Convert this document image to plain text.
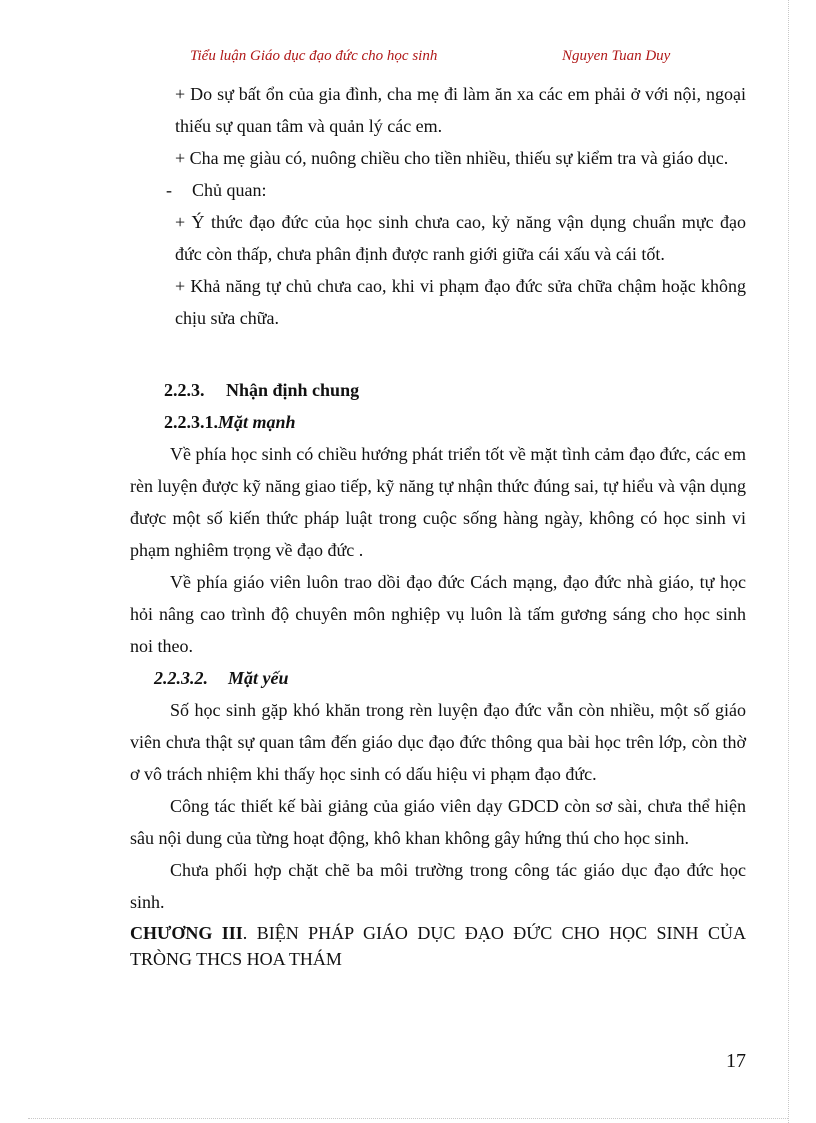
Tiểu luận Giáo dục đạo đức cho học sinh	Nguyen Tuan Duy

+ Do sự bất ổn của gia đình, cha mẹ đi làm ăn xa các em phải ở với nội, ngoại thiếu sự quan tâm và quản lý các em.

+ Cha mẹ giàu có, nuông chiều cho tiền nhiều, thiếu sự kiểm tra và giáo dục.

- Chủ quan:

+ Ý thức đạo đức của học sinh chưa cao, kỷ năng vận dụng chuẩn mực đạo đức còn thấp, chưa phân định được ranh giới giữa cái xấu và cái tốt.

+ Khả năng tự chủ chưa cao, khi vi phạm đạo đức sửa chữa chậm hoặc không chịu sửa chữa.

2.2.3. Nhận định chung

2.2.3.1.Mặt mạnh

Về phía học sinh có chiều hướng phát triển tốt về mặt tình cảm đạo đức, các em rèn luyện được kỹ năng giao tiếp, kỹ năng tự nhận thức đúng sai, tự hiểu và vận dụng được một số kiến thức pháp luật trong cuộc sống hàng ngày, không có học sinh vi phạm nghiêm trọng về đạo đức .

Về phía giáo viên luôn trao dồi đạo đức Cách mạng, đạo đức nhà giáo, tự học hỏi nâng cao trình độ chuyên môn nghiệp vụ luôn là tấm gương sáng cho học sinh noi theo.

2.2.3.2. Mặt yếu

Số học sinh gặp khó khăn trong rèn luyện đạo đức vẫn còn nhiều, một số giáo viên chưa thật sự quan tâm đến giáo dục đạo đức thông qua bài học trên lớp, còn thờ ơ vô trách nhiệm khi thấy học sinh có dấu hiệu vi phạm đạo đức.

Công tác thiết kế bài giảng của giáo viên dạy GDCD còn sơ sài, chưa thể hiện sâu nội dung của từng hoạt động, khô khan không gây hứng thú cho học sinh.

Chưa phối hợp chặt chẽ ba môi trường trong công tác giáo dục đạo đức học sinh.

CHƯƠNG III. BIỆN PHÁP GIÁO DỤC ĐẠO ĐỨC CHO HỌC SINH CỦA TRÒNG THCS HOA THÁM

17
